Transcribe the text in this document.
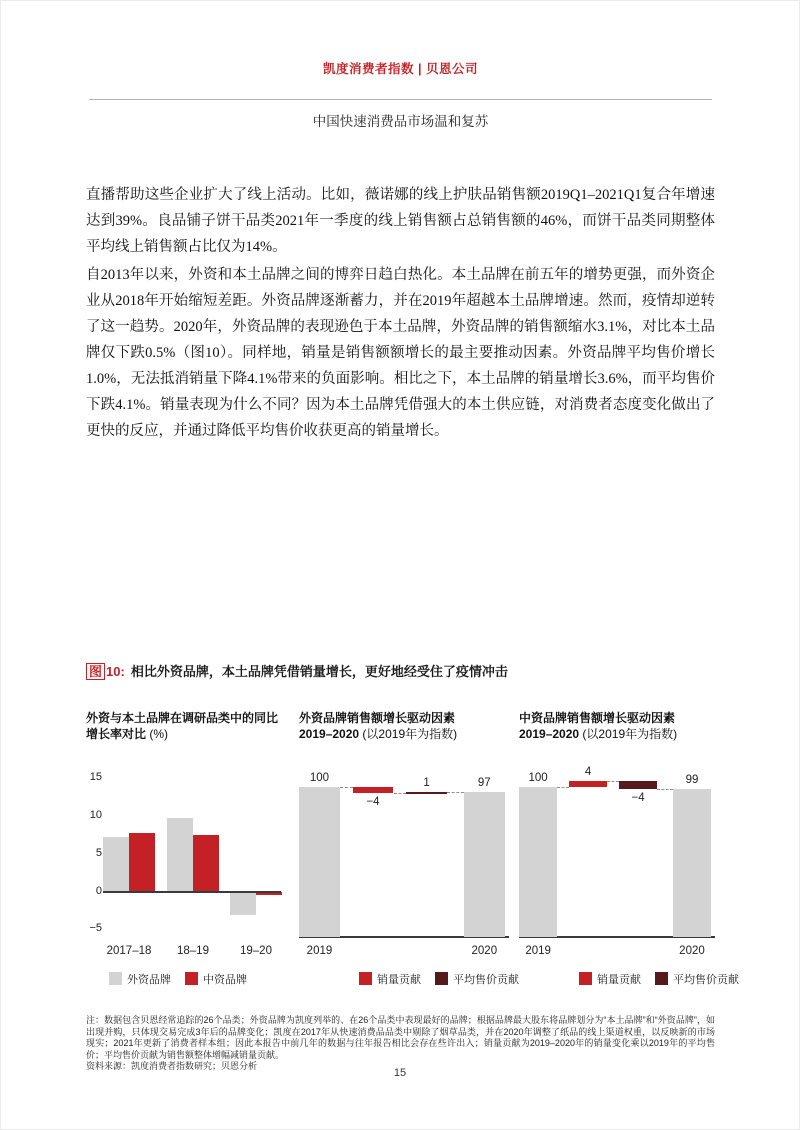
凯度消费者指数 | 贝恩公司
中国快速消费品市场温和复苏

直播帮助这些企业扩大了线上活动。比如，薇诺娜的线上护肤品销售额2019Q1–2021Q1复合年增速达到39%。良品铺子饼干品类2021年一季度的线上销售额占总销售额的46%，而饼干品类同期整体平均线上销售额占比仅为14%。

自2013年以来，外资和本土品牌之间的博弈日趋白热化。本土品牌在前五年的增势更强，而外资企业从2018年开始缩短差距。外资品牌逐渐蓄力，并在2019年超越本土品牌增速。然而，疫情却逆转了这一趋势。2020年，外资品牌的表现逊色于本土品牌，外资品牌的销售额缩水3.1%，对比本土品牌仅下跌0.5%（图10）。同样地，销量是销售额额增长的最主要推动因素。外资品牌平均售价增长1.0%，无法抵消销量下降4.1%带来的负面影响。相比之下，本土品牌的销量增长3.6%，而平均售价下跌4.1%。销量表现为什么不同？因为本土品牌凭借强大的本土供应链，对消费者态度变化做出了更快的反应，并通过降低平均售价收获更高的销量增长。

图 10: 相比外资品牌，本土品牌凭借销量增长，更好地经受住了疫情冲击
外资与本土品牌在调研品类中的同比
增长率对比 (%)
15
10
5
0
−5
2017–18	18–19	19–20
外资品牌	中资品牌
外资品牌销售额增长驱动因素
2019–2020 (以2019年为指数)
100
2019
−4
1	97
2020
销量贡献	平均售价贡献
中资品牌销售额增长驱动因素
2019–2020 (以2019年为指数)
100
2019
4
−4
99
2020
销量贡献	平均售价贡献
注：数据包含贝恩经常追踪的26个品类；外资品牌为凯度列举的、在26个品类中表现最好的品牌；根据品牌最大股东将品牌划分为“本土品牌”和“外资品牌”，如出现并购，只体现交易完成3年后的品牌变化；凯度在2017年从快速消费品品类中剔除了烟草品类，并在2020年调整了纸品的线上渠道权重，以反映新的市场现实；2021年更新了消费者样本组；因此本报告中前几年的数据与往年报告相比会存在些许出入；销量贡献为2019–2020年的销量变化乘以2019年的平均售价；平均售价贡献为销售额整体增幅减销量贡献。
资料来源：凯度消费者指数研究；贝恩分析
15
